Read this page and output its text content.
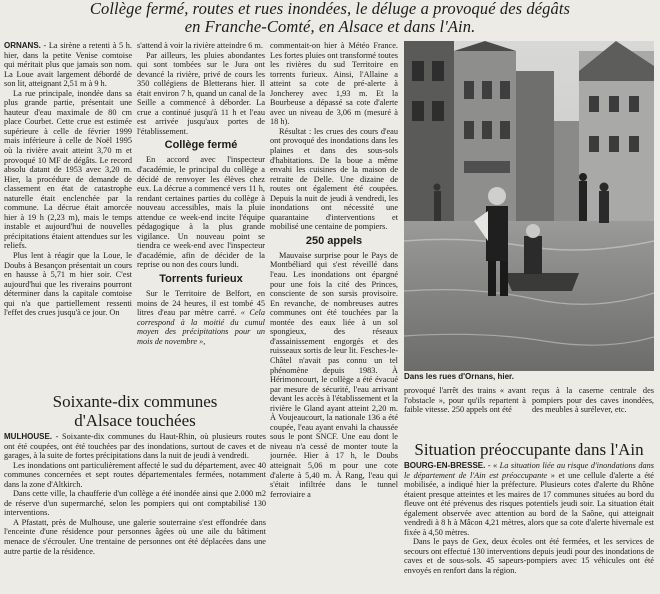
Collège fermé, routes et rues inondées, le déluge a provoqué des dégâts
en Franche-Comté, en Alsace et dans l'Ain.

ORNANS. - La sirène a retenti à 5 h. hier, dans la petite Venise comtoise qui méritait plus que jamais son nom. La Loue avait largement débordé de son lit, atteignant 2,51 m à 9 h.

La rue principale, inondée dans sa plus grande partie, présentait une hauteur d'eau maximale de 80 cm place Courbet. Cette crue est estimée supérieure à celle de février 1999 mais inférieure à celle de Noël 1995 où la rivière avait atteint 3,70 m et provoqué 10 MF de dégâts. Le record absolu datant de 1953 avec 3,20 m. Hier, la procédure de demande de classement en état de catastrophe naturelle était enclenchée par la commune. La décrue était amorcée hier à 19 h (2,23 m), mais le temps instable et aujourd'hui de nouvelles précipitations étaient attendues sur les reliefs.

Plus lent à réagir que la Loue, le Doubs à Besançon présentait un cours en hausse à 5,71 m hier soir. C'est aujourd'hui que les riverains pourront déterminer dans la capitale comtoise qui n'a que partiellement ressenti l'effet des crues jusqu'à ce jour. On

s'attend à voir la rivière atteindre 6 m.

Par ailleurs, les pluies abondantes qui sont tombées sur le Jura ont devancé la rivière, privé de cours les 350 collégiens de Bletterans hier. Il était environ 7 h, quand un canal de la Seille a commencé à déborder. La crue a continué jusqu'à 11 h et l'eau est arrivée jusqu'aux portes de l'établissement.

Collège fermé

En accord avec l'inspecteur d'académie, le principal du collège a décidé de renvoyer les élèves chez eux. La décrue a commencé vers 11 h, rendant certaines parties du collège à nouveau accessibles, mais la pluie attendue ce week-end incite l'équipe pédagogique à la plus grande vigilance. Un nouveau point se tiendra ce week-end avec l'inspecteur d'académie, afin de décider de la reprise ou non des cours lundi.

Torrents furieux

Sur le Territoire de Belfort, en moins de 24 heures, il est tombé 45 litres d'eau par mètre carré. « Cela correspond à la moitié du cumul moyen des précipitations pour un mois de novembre »,

commentait-on hier à Météo France. Les fortes pluies ont transformé toutes les rivières du sud Territoire en torrents furieux. Ainsi, l'Allaine a atteint sa cote de pré-alerte à Joncherey avec 1,93 m. Et la Bourbeuse a dépassé sa cote d'alerte avec un niveau de 3,06 m (mesuré à 18 h).

Résultat : les crues des cours d'eau ont provoqué des inondations dans les plaines et dans des sous-sols d'habitations. De la boue a même envahi les cuisines de la maison de retraite de Delle. Une dizaine de routes ont également été coupées. Depuis la nuit de jeudi à vendredi, les inondations ont nécessité une quarantaine d'interventions et mobilisé une centaine de pompiers.

250 appels

Mauvaise surprise pour le Pays de Montbéliard qui s'est réveillé dans l'eau. Les inondations ont épargné pour une fois la cité des Princes, consciente de son sursis provisoire. En revanche, de nombreuses autres communes ont été touchées par la montée des eaux liée à un sol spongieux, des réseaux d'assainissement engorgés et des ruisseaux sortis de leur lit. Fesches-le-Châtel n'avait pas connu un tel phénomène depuis 1983. À Hérimoncourt, le collège a été évacué par mesure de sécurité, l'eau arrivant devant les accès à l'établissement et la rivière le Gland ayant atteint 2,20 m. À Voujeaucourt, la nationale 136 a été coupée, l'eau ayant envahi la chaussée sous le pont SNCF. Une eau dont le niveau n'a cessé de monter toute la journée. Hier à 17 h, le Doubs atteignait 5,06 m pour une cote d'alerte à 5,40 m. À Rang, l'eau qui s'était infiltrée dans le tunnel ferroviaire a

Dans les rues d'Ornans, hier.

provoqué l'arrêt des trains « avant l'obstacle », pour qu'ils repartent à faible vitesse. 250 appels ont été

reçus à la caserne centrale des pompiers pour des caves inondées, des meubles à surélever, etc.

Soixante-dix communes
d'Alsace touchées

MULHOUSE. - Soixante-dix communes du Haut-Rhin, où plusieurs routes ont été coupées, ont été touchées par des inondations, surtout de caves et de garages, à la suite de fortes précipitations dans la nuit de jeudi à vendredi.

Les inondations ont particulièrement affecté le sud du département, avec 40 communes concernées et sept routes départementales fermées, notamment dans la zone d'Altkirch.

Dans cette ville, la chaufferie d'un collège a été inondée ainsi que 2.000 m2 de réserve d'un supermarché, selon les pompiers qui ont comptabilisé 130 interventions.

A Pfastatt, près de Mulhouse, une galerie souterraine s'est effondrée dans l'enceinte d'une résidence pour personnes âgées où une aile du bâtiment menace de s'écrouler. Une trentaine de personnes ont été déplacées dans une autre partie de la résidence.

Situation préoccupante dans l'Ain

BOURG-EN-BRESSE. - « La situation liée au risque d'inondations dans le département de l'Ain est préoccupante » et une cellule d'alerte a été mobilisée, a indiqué hier la préfecture. Plusieurs cotes d'alerte du Rhône étaient presque atteintes et les maires de 17 communes situées au bord du fleuve ont été prévenus des risques potentiels jeudi soir. La situation était également observée avec attention au bord de la Saône, qui atteignait vendredi à 8 h à Mâcon 4,21 mètres, alors que sa cote d'alerte hivernale est fixée à 4,50 mètres.

Dans le pays de Gex, deux écoles ont été fermées, et les services de secours ont effectué 130 interventions depuis jeudi pour des inondations de caves et de sous-sols. 45 sapeurs-pompiers avec 15 véhicules ont été envoyés en renfort dans la région.
